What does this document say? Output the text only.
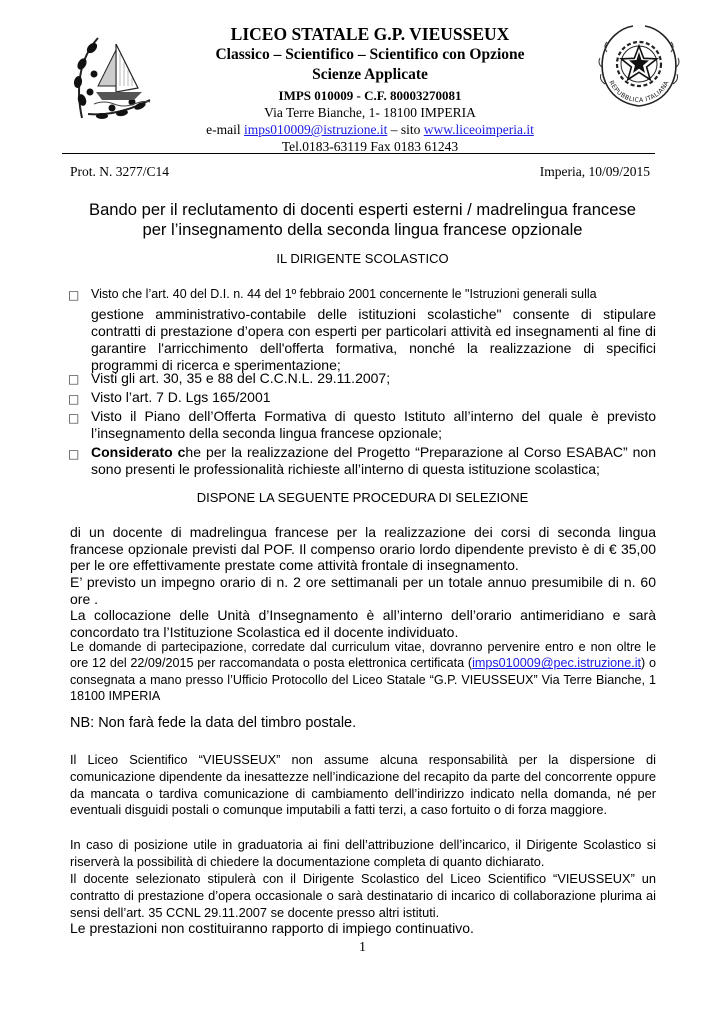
LICEO STATALE G.P. VIEUSSEUX
Classico – Scientifico – Scientifico con Opzione
Scienze Applicate
IMPS 010009 - C.F. 80003270081
Via Terre Bianche, 1- 18100 IMPERIA
e-mail imps010009@istruzione.it – sito www.liceoimperia.it
Tel.0183-63119 Fax 0183 61243
REPUBBLICA ITALIANA
Prot. N. 3277/C14	Imperia, 10/09/2015
Bando per il reclutamento di docenti esperti esterni / madrelingua francese
per l’insegnamento della seconda lingua francese opzionale
IL DIRIGENTE SCOLASTICO
□ Visto che l’art. 40 del D.I. n. 44 del 1º febbraio 2001 concernente le "Istruzioni generali sulla
gestione amministrativo-contabile delle istituzioni scolastiche" consente di stipulare contratti di prestazione d’opera con esperti per particolari attività ed insegnamenti al fine di garantire l'arricchimento dell'offerta formativa, nonché la realizzazione di specifici programmi di ricerca e sperimentazione;
□ Visti gli art. 30, 35 e 88 del C.C.N.L. 29.11.2007;
□ Visto l’art. 7 D. Lgs 165/2001
□ Visto il Piano dell’Offerta Formativa di questo Istituto all’interno del quale è previsto l’insegnamento della seconda lingua francese opzionale;
□ Considerato che per la realizzazione del Progetto “Preparazione al Corso ESABAC” non sono presenti le professionalità richieste all’interno di questa istituzione scolastica;
DISPONE LA SEGUENTE PROCEDURA DI SELEZIONE
di un docente di madrelingua francese per la realizzazione dei corsi di seconda lingua francese opzionale previsti dal POF. Il compenso orario lordo dipendente previsto è di € 35,00 per le ore effettivamente prestate come attività frontale di insegnamento.
E’ previsto un impegno orario di n. 2 ore settimanali per un totale annuo presumibile di n. 60 ore .
La collocazione delle Unità d’Insegnamento è all’interno dell’orario antimeridiano e sarà concordato tra l’Istituzione Scolastica ed il docente individuato.
Le domande di partecipazione, corredate dal curriculum vitae, dovranno pervenire entro e non oltre le ore 12 del 22/09/2015 per raccomandata o posta elettronica certificata (imps010009@pec.istruzione.it) o consegnata a mano presso l’Ufficio Protocollo del Liceo Statale “G.P. VIEUSSEUX” Via Terre Bianche, 1 18100 IMPERIA
NB: Non farà fede la data del timbro postale.
Il Liceo Scientifico “VIEUSSEUX” non assume alcuna responsabilità per la dispersione di comunicazione dipendente da inesattezze nell’indicazione del recapito da parte del concorrente oppure da mancata o tardiva comunicazione di cambiamento dell’indirizzo indicato nella domanda, né per eventuali disguidi postali o comunque imputabili a fatti terzi, a caso fortuito o di forza maggiore.
In caso di posizione utile in graduatoria ai fini dell’attribuzione dell’incarico, il Dirigente Scolastico si riserverà la possibilità di chiedere la documentazione completa di quanto dichiarato.
Il docente selezionato stipulerà con il Dirigente Scolastico del Liceo Scientifico “VIEUSSEUX” un contratto di prestazione d’opera occasionale o sarà destinatario di incarico di collaborazione plurima ai sensi dell’art. 35 CCNL 29.11.2007 se docente presso altri istituti.
Le prestazioni non costituiranno rapporto di impiego continuativo.
1
